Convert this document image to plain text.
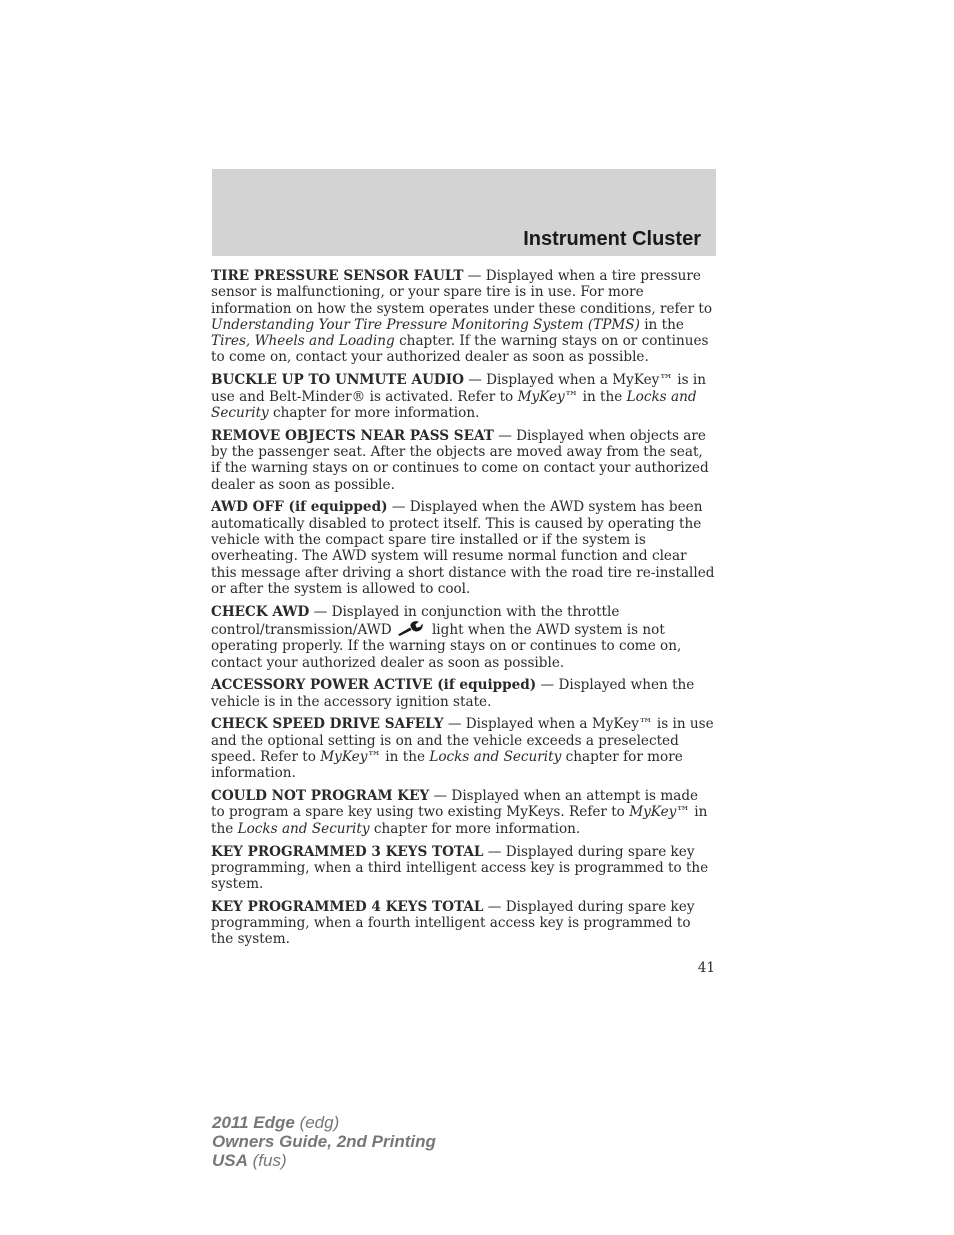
Instrument Cluster

TIRE PRESSURE SENSOR FAULT — Displayed when a tire pressure sensor is malfunctioning, or your spare tire is in use. For more information on how the system operates under these conditions, refer to Understanding Your Tire Pressure Monitoring System (TPMS) in the Tires, Wheels and Loading chapter. If the warning stays on or continues to come on, contact your authorized dealer as soon as possible.

BUCKLE UP TO UNMUTE AUDIO — Displayed when a MyKey™ is in use and Belt-Minder® is activated. Refer to MyKey™ in the Locks and Security chapter for more information.

REMOVE OBJECTS NEAR PASS SEAT — Displayed when objects are by the passenger seat. After the objects are moved away from the seat, if the warning stays on or continues to come on contact your authorized dealer as soon as possible.

AWD OFF (if equipped) — Displayed when the AWD system has been automatically disabled to protect itself. This is caused by operating the vehicle with the compact spare tire installed or if the system is overheating. The AWD system will resume normal function and clear this message after driving a short distance with the road tire re-installed or after the system is allowed to cool.

CHECK AWD — Displayed in conjunction with the throttle control/transmission/AWD	light when the AWD system is not operating properly. If the warning stays on or continues to come on, contact your authorized dealer as soon as possible.

ACCESSORY POWER ACTIVE (if equipped) — Displayed when the vehicle is in the accessory ignition state.

CHECK SPEED DRIVE SAFELY — Displayed when a MyKey™ is in use and the optional setting is on and the vehicle exceeds a preselected speed. Refer to MyKey™ in the Locks and Security chapter for more information.

COULD NOT PROGRAM KEY — Displayed when an attempt is made to program a spare key using two existing MyKeys. Refer to MyKey™ in the Locks and Security chapter for more information.

KEY PROGRAMMED 3 KEYS TOTAL — Displayed during spare key programming, when a third intelligent access key is programmed to the system.

KEY PROGRAMMED 4 KEYS TOTAL — Displayed during spare key programming, when a fourth intelligent access key is programmed to the system.

41
2011 Edge (edg)
Owners Guide, 2nd Printing
USA (fus)
